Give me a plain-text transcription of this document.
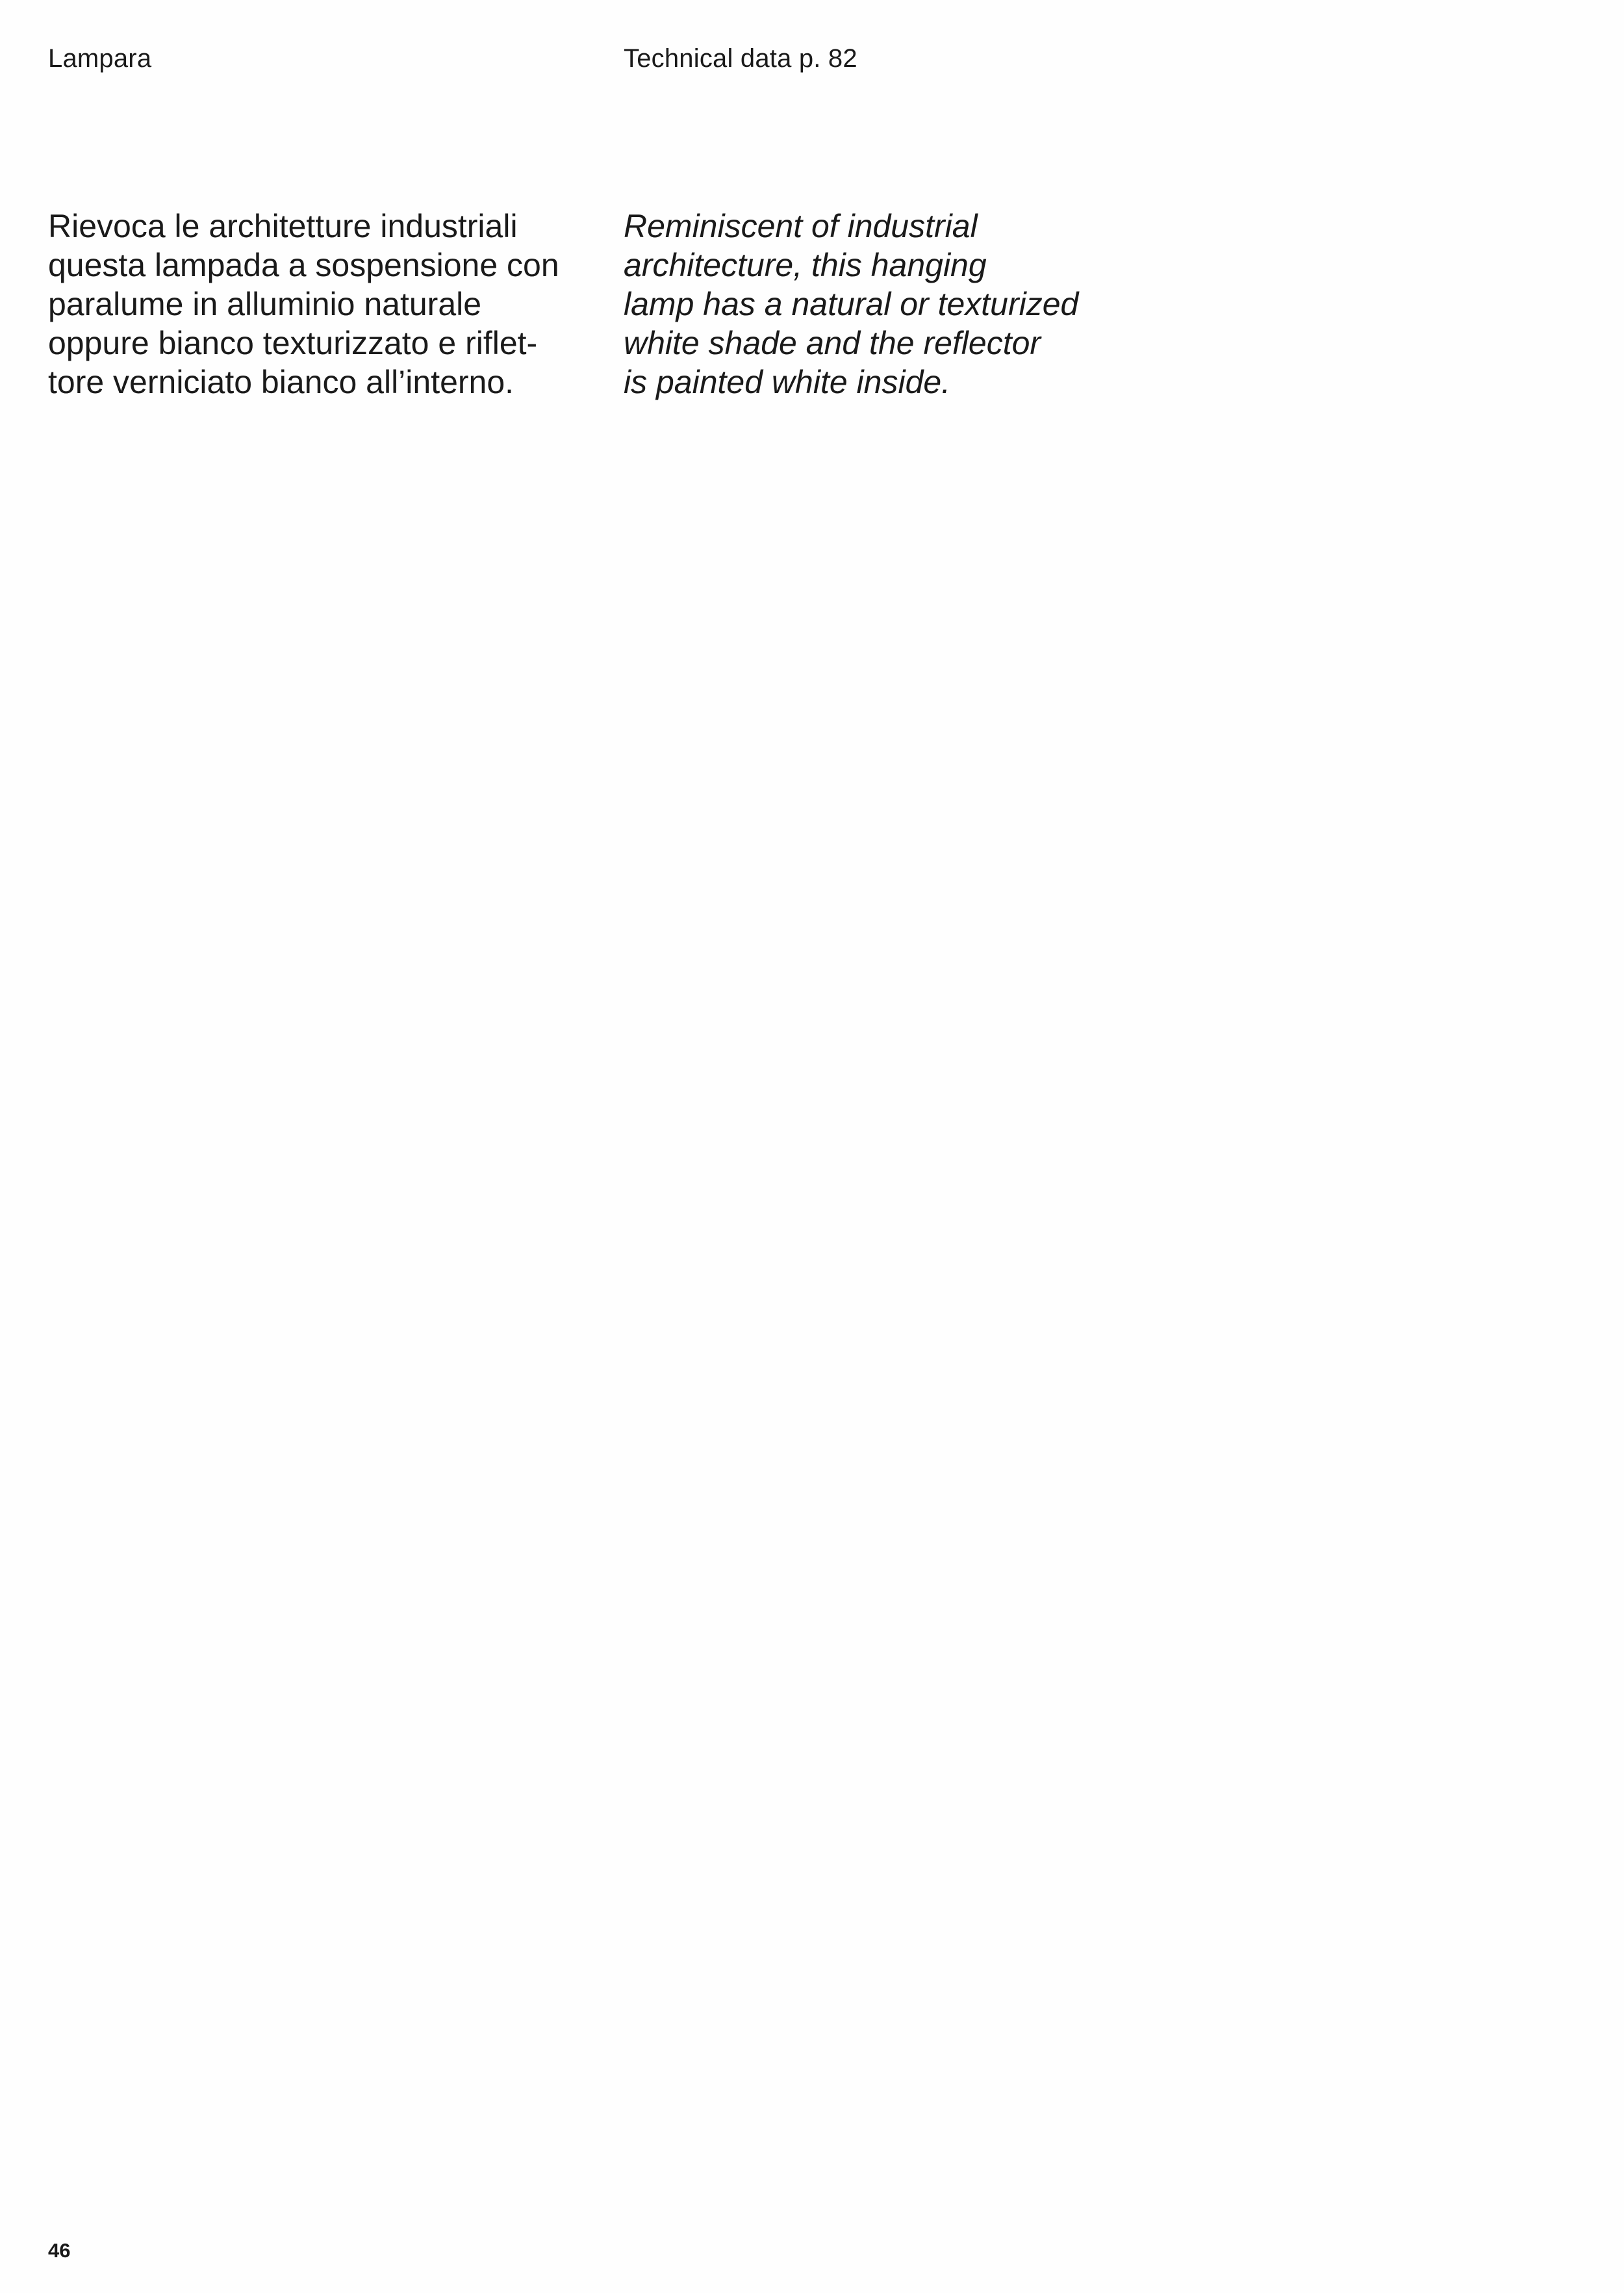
Lampara	Technical data p. 82

Rievoca le architetture industriali
questa lampada a sospensione con
paralume in alluminio naturale
oppure bianco texturizzato e riflet-
tore verniciato bianco all’interno.

Reminiscent of industrial
architecture, this hanging
lamp has a natural or texturized
white shade and the reflector
is painted white inside.

46
